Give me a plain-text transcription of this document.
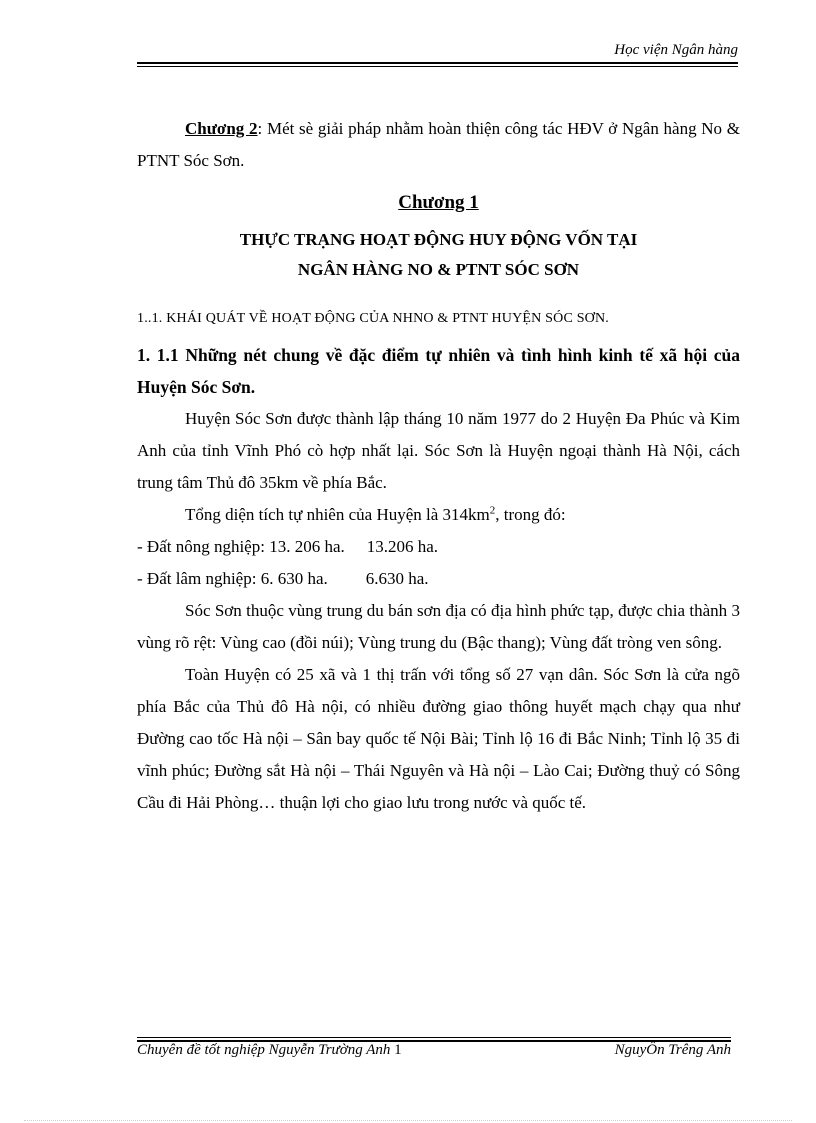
Học viện Ngân hàng

Chương 2: Mét sè giải pháp nhằm hoàn thiện công tác HĐV ở Ngân hàng No & PTNT Sóc Sơn.

Chương 1
THỰC TRẠNG HOẠT ĐỘNG HUY ĐỘNG VỐN TẠI
NGÂN HÀNG NO & PTNT SÓC SƠN

1..1. KHÁI QUÁT VỀ HOẠT ĐỘNG CỦA NHNO & PTNT HUYỆN SÓC SƠN.

1. 1.1 Những nét chung về đặc điểm tự nhiên và tình hình kinh tế xã hội của Huyện Sóc Sơn.

Huyện Sóc Sơn được thành lập tháng 10 năm 1977 do 2 Huyện Đa Phúc và Kim Anh của tỉnh Vĩnh Phó cò hợp nhất lại. Sóc Sơn là Huyện ngoại thành Hà Nội, cách trung tâm Thủ đô 35km về phía Bắc.

Tổng diện tích tự nhiên của Huyện là $314km^2$, trong đó:

- Đất nông nghiệp: 13. 206 ha. 13.206 ha.

- Đất lâm nghiệp: 6. 630 ha. 6.630 ha.

Sóc Sơn thuộc vùng trung du bán sơn địa có địa hình phức tạp, được chia thành 3 vùng rõ rệt: Vùng cao (đồi núi); Vùng trung du (Bậc thang); Vùng đất tròng ven sông.

Toàn Huyện có 25 xã và 1 thị trấn với tổng số 27 vạn dân. Sóc Sơn là cửa ngõ phía Bắc của Thủ đô Hà nội, có nhiều đường giao thông huyết mạch chạy qua như Đường cao tốc Hà nội – Sân bay quốc tế Nội Bài; Tỉnh lộ 16 đi Bắc Ninh; Tỉnh lộ 35 đi vĩnh phúc; Đường sắt Hà nội – Thái Nguyên và Hà nội – Lào Cai; Đường thuỷ có Sông Cầu đi Hải Phòng… thuận lợi cho giao lưu trong nước và quốc tế.

Chuyên đề tốt nghiệp Nguyễn Trường Anh 1	NguyÔn Trêng Anh
